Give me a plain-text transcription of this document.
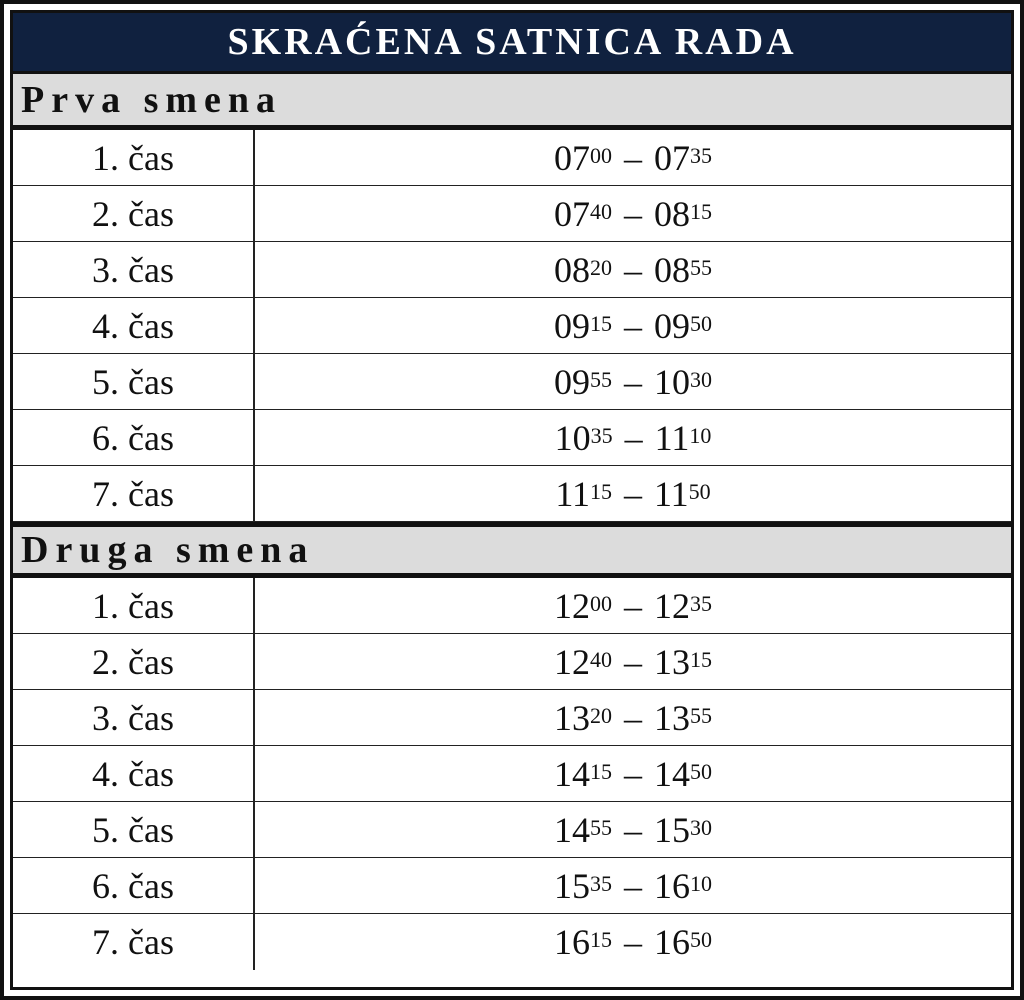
SKRAĆENA SATNICA RADA
Prva smena
1. čas	$07^{00} - 07^{35}$
2. čas	$07^{40} - 08^{15}$
3. čas	$08^{20} - 08^{55}$
4. čas	$09^{15} - 09^{50}$
5. čas	$09^{55} - 10^{30}$
6. čas	$10^{35} - 11^{10}$
7. čas	$11^{15} - 11^{50}$
Druga smena
1. čas	$12^{00} - 12^{35}$
2. čas	$12^{40} - 13^{15}$
3. čas	$13^{20} - 13^{55}$
4. čas	$14^{15} - 14^{50}$
5. čas	$14^{55} - 15^{30}$
6. čas	$15^{35} - 16^{10}$
7. čas	$16^{15} - 16^{50}$
